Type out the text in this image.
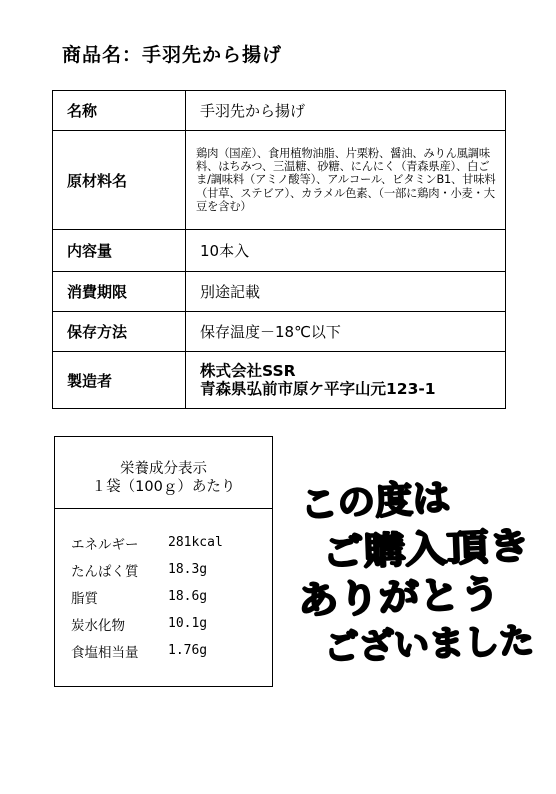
商品名：手羽先から揚げ
名称	手羽先から揚げ
原材料名	鶏肉（国産）、食用植物油脂、片栗粉、醤油、みりん風調味料、はちみつ、三温糖、砂糖、にんにく（青森県産）、白ごま/調味料（アミノ酸等）、アルコール、ビタミンB1、甘味料（甘草、ステビア）、カラメル色素、（一部に鶏肉・小麦・大豆を含む）
内容量	10本入
消費期限	別途記載
保存方法	保存温度－18℃以下
製造者	株式会社SSR
青森県弘前市原ケ平字山元123-1
栄養成分表示
１袋（100ｇ）あたり
エネルギー	281kcal
たんぱく質	18.3g
脂質	18.6g
炭水化物	10.1g
食塩相当量	1.76g
この度は
ご購入頂き
ありがとう
ございました
